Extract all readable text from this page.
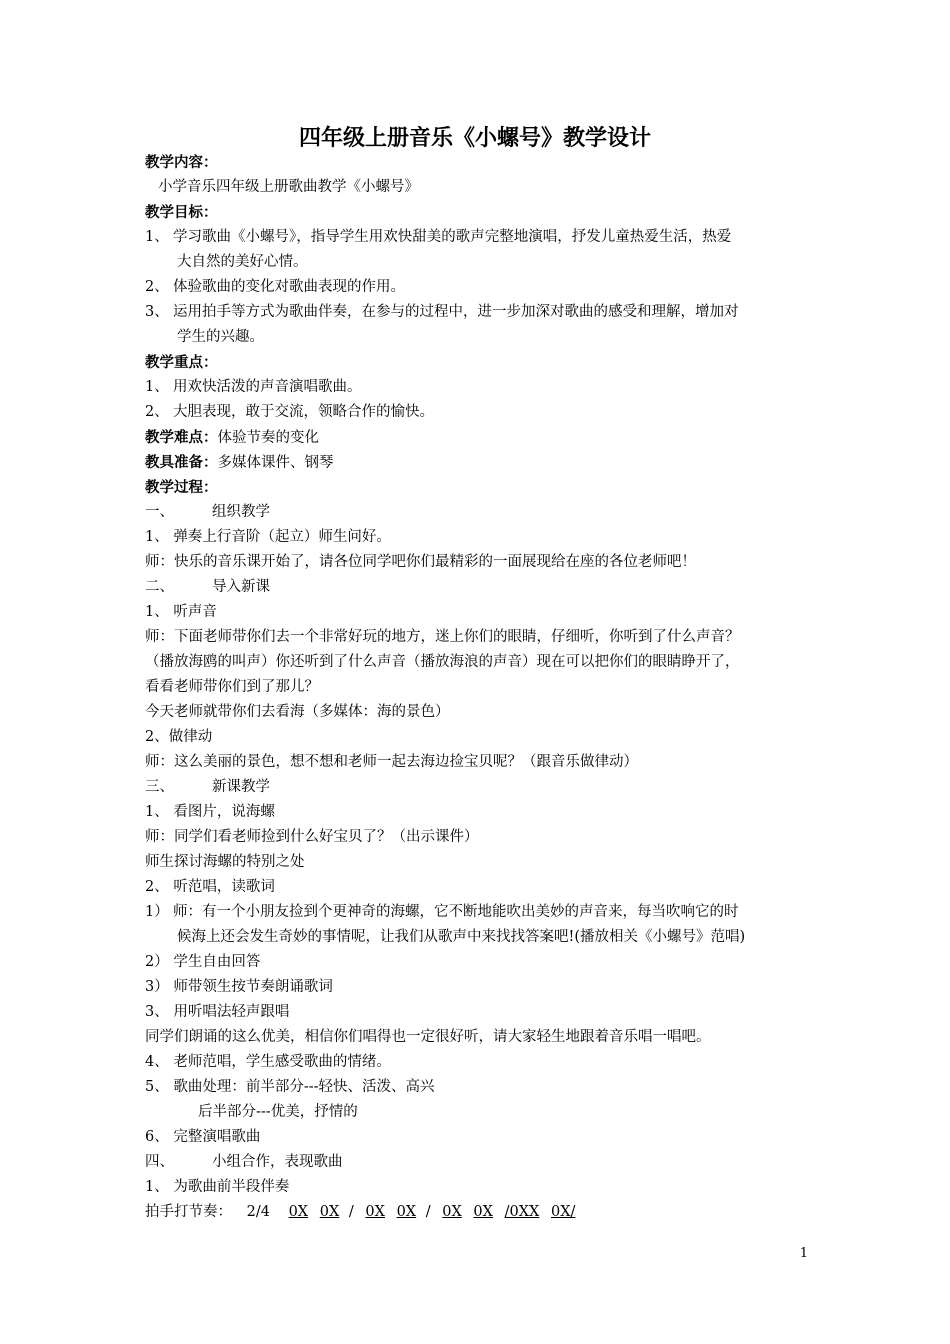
四年级上册音乐《小螺号》教学设计
教学内容：
小学音乐四年级上册歌曲教学《小螺号》
教学目标：
1、 学习歌曲《小螺号》，指导学生用欢快甜美的歌声完整地演唱，抒发儿童热爱生活，热爱
大自然的美好心情。
2、 体验歌曲的变化对歌曲表现的作用。
3、 运用拍手等方式为歌曲伴奏，在参与的过程中，进一步加深对歌曲的感受和理解，增加对
学生的兴趣。
教学重点：
1、 用欢快活泼的声音演唱歌曲。
2、 大胆表现，敢于交流，领略合作的愉快。
教学难点：体验节奏的变化
教具准备：多媒体课件、钢琴
教学过程：
一、	组织教学
1、 弹奏上行音阶（起立）师生问好。
师：快乐的音乐课开始了，请各位同学吧你们最精彩的一面展现给在座的各位老师吧！
二、	导入新课
1、 听声音
师：下面老师带你们去一个非常好玩的地方，迷上你们的眼睛，仔细听，你听到了什么声音？
（播放海鸥的叫声）你还听到了什么声音（播放海浪的声音）现在可以把你们的眼睛睁开了，
看看老师带你们到了那儿？
今天老师就带你们去看海（多媒体：海的景色）
2、做律动
师：这么美丽的景色，想不想和老师一起去海边捡宝贝呢？（跟音乐做律动）
三、	新课教学
1、 看图片，说海螺
师：同学们看老师捡到什么好宝贝了？（出示课件）
师生探讨海螺的特别之处
2、 听范唱，读歌词
1） 师：有一个小朋友捡到个更神奇的海螺，它不断地能吹出美妙的声音来，每当吹响它的时
候海上还会发生奇妙的事情呢，让我们从歌声中来找找答案吧!(播放相关《小螺号》范唱)
2） 学生自由回答
3） 师带领生按节奏朗诵歌词
3、 用听唱法轻声跟唱
同学们朗诵的这么优美，相信你们唱得也一定很好听，请大家轻生地跟着音乐唱一唱吧。
4、 老师范唱，学生感受歌曲的情绪。
5、 歌曲处理：前半部分---轻快、活泼、高兴
后半部分---优美，抒情的
6、 完整演唱歌曲
四、	小组合作，表现歌曲
1、 为歌曲前半段伴奏
拍手打节奏： 2/4 0X 0X / 0X 0X / 0X 0X /0XX 0X/
1
